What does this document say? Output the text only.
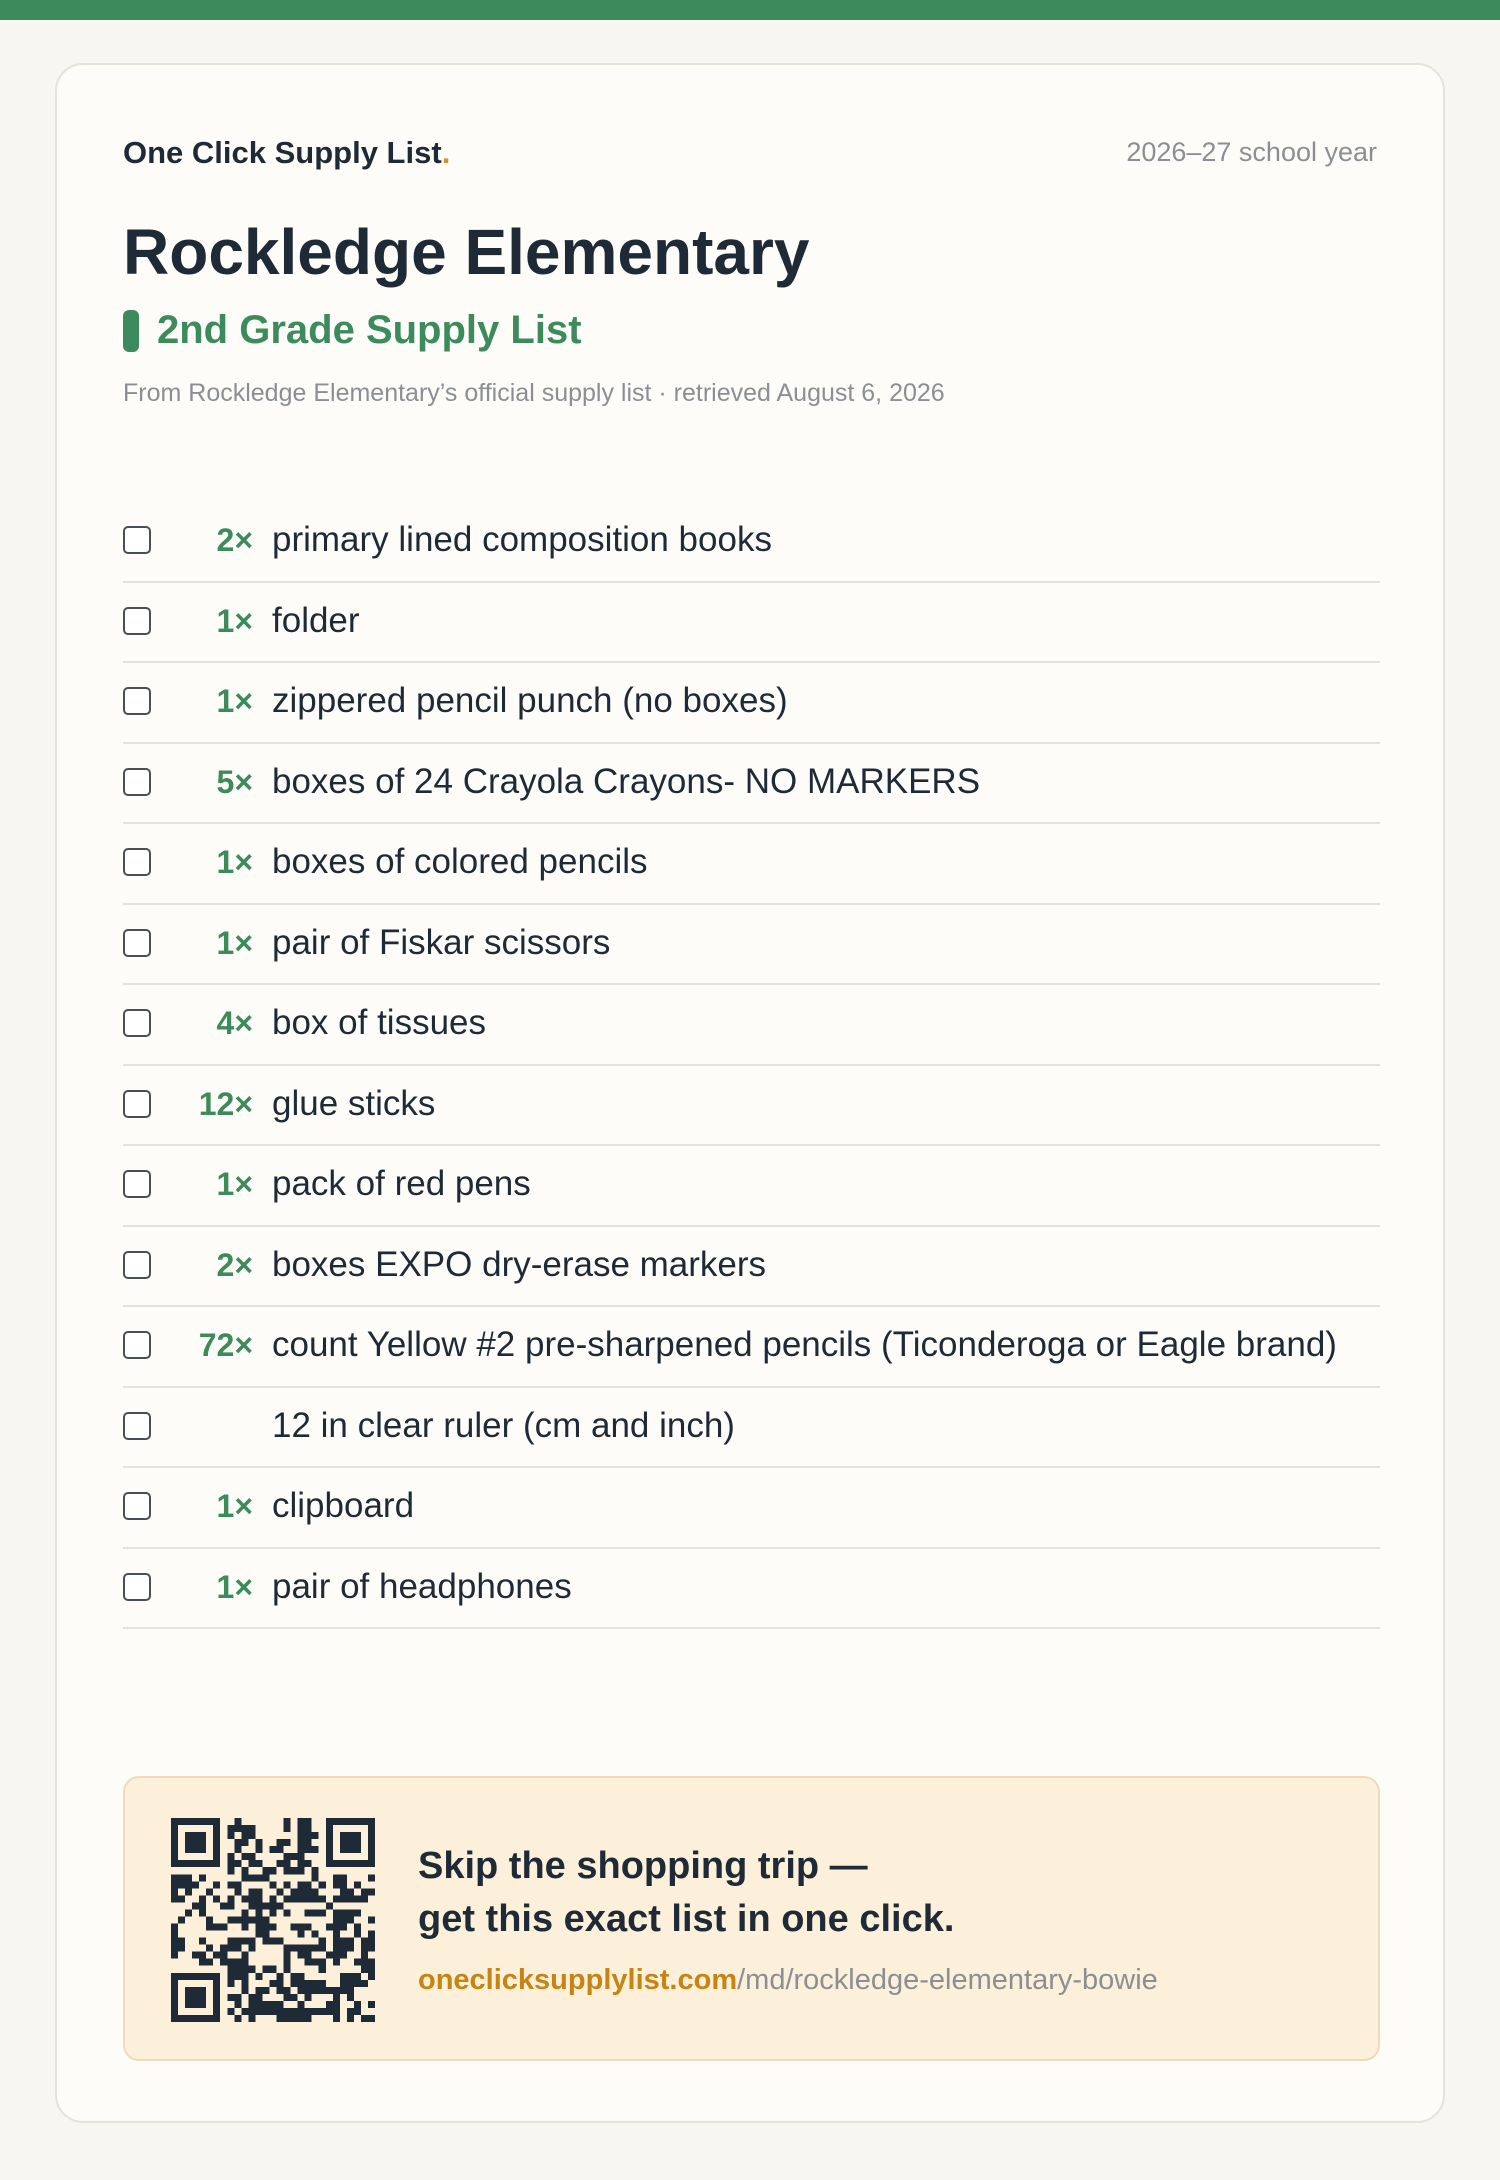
One Click Supply List.	2026–27 school year
Rockledge Elementary
2nd Grade Supply List
From Rockledge Elementary’s official supply list · retrieved August 6, 2026
2× primary lined composition books
1× folder
1× zippered pencil punch (no boxes)
5× boxes of 24 Crayola Crayons- NO MARKERS
1× boxes of colored pencils
1× pair of Fiskar scissors
4× box of tissues
12× glue sticks
1× pack of red pens
2× boxes EXPO dry-erase markers
72× count Yellow #2 pre-sharpened pencils (Ticonderoga or Eagle brand)
12 in clear ruler (cm and inch)
1× clipboard
1× pair of headphones
Skip the shopping trip —
get this exact list in one click.
oneclicksupplylist.com/md/rockledge-elementary-bowie
